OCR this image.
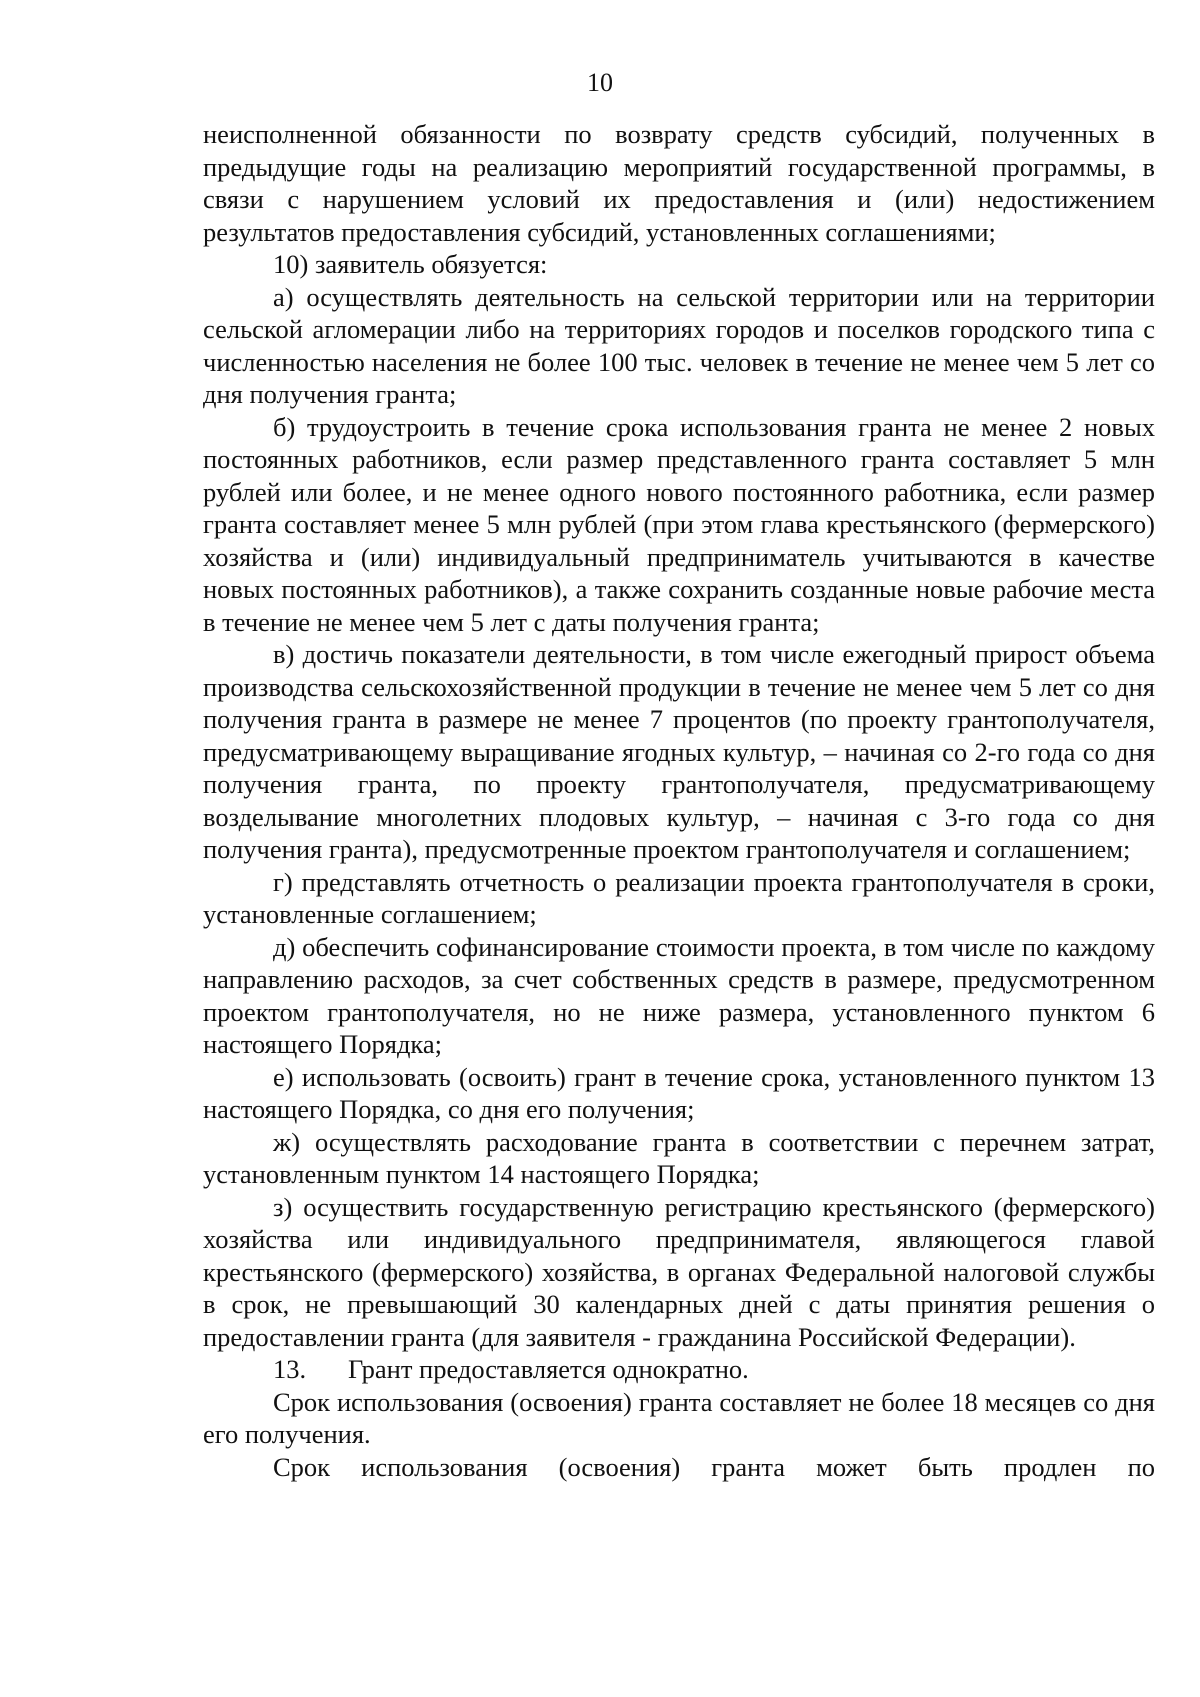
10

неисполненной обязанности по возврату средств субсидий, полученных в предыдущие годы на реализацию мероприятий государственной программы, в связи с нарушением условий их предоставления и (или) недостижением результатов предоставления субсидий, установленных соглашениями;

10) заявитель обязуется:

а) осуществлять деятельность на сельской территории или на территории сельской агломерации либо на территориях городов и поселков городского типа с численностью населения не более 100 тыс. человек в течение не менее чем 5 лет со дня получения гранта;

б) трудоустроить в течение срока использования гранта не менее 2 новых постоянных работников, если размер представленного гранта составляет 5 млн рублей или более, и не менее одного нового постоянного работника, если размер гранта составляет менее 5 млн рублей (при этом глава крестьянского (фермерского) хозяйства и (или) индивидуальный предприниматель учитываются в качестве новых постоянных работников), а также сохранить созданные новые рабочие места в течение не менее чем 5 лет с даты получения гранта;

в) достичь показатели деятельности, в том числе ежегодный прирост объема производства сельскохозяйственной продукции в течение не менее чем 5 лет со дня получения гранта в размере не менее 7 процентов (по проекту грантополучателя, предусматривающему выращивание ягодных культур, – начиная со 2-го года со дня получения гранта, по проекту грантополучателя, предусматривающему возделывание многолетних плодовых культур, – начиная с 3-го года со дня получения гранта), предусмотренные проектом грантополучателя и соглашением;

г) представлять отчетность о реализации проекта грантополучателя в сроки, установленные соглашением;

д) обеспечить софинансирование стоимости проекта, в том числе по каждому направлению расходов, за счет собственных средств в размере, предусмотренном проектом грантополучателя, но не ниже размера, установленного пунктом 6 настоящего Порядка;

е) использовать (освоить) грант в течение срока, установленного пунктом 13 настоящего Порядка, со дня его получения;

ж) осуществлять расходование гранта в соответствии с перечнем затрат, установленным пунктом 14 настоящего Порядка;

з) осуществить государственную регистрацию крестьянского (фермерского) хозяйства или индивидуального предпринимателя, являющегося главой крестьянского (фермерского) хозяйства, в органах Федеральной налоговой службы в срок, не превышающий 30 календарных дней с даты принятия решения о предоставлении гранта (для заявителя - гражданина Российской Федерации).

13.	Грант предоставляется однократно.

Срок использования (освоения) гранта составляет не более 18 месяцев со дня его получения.

Срок использования (освоения) гранта может быть продлен по
